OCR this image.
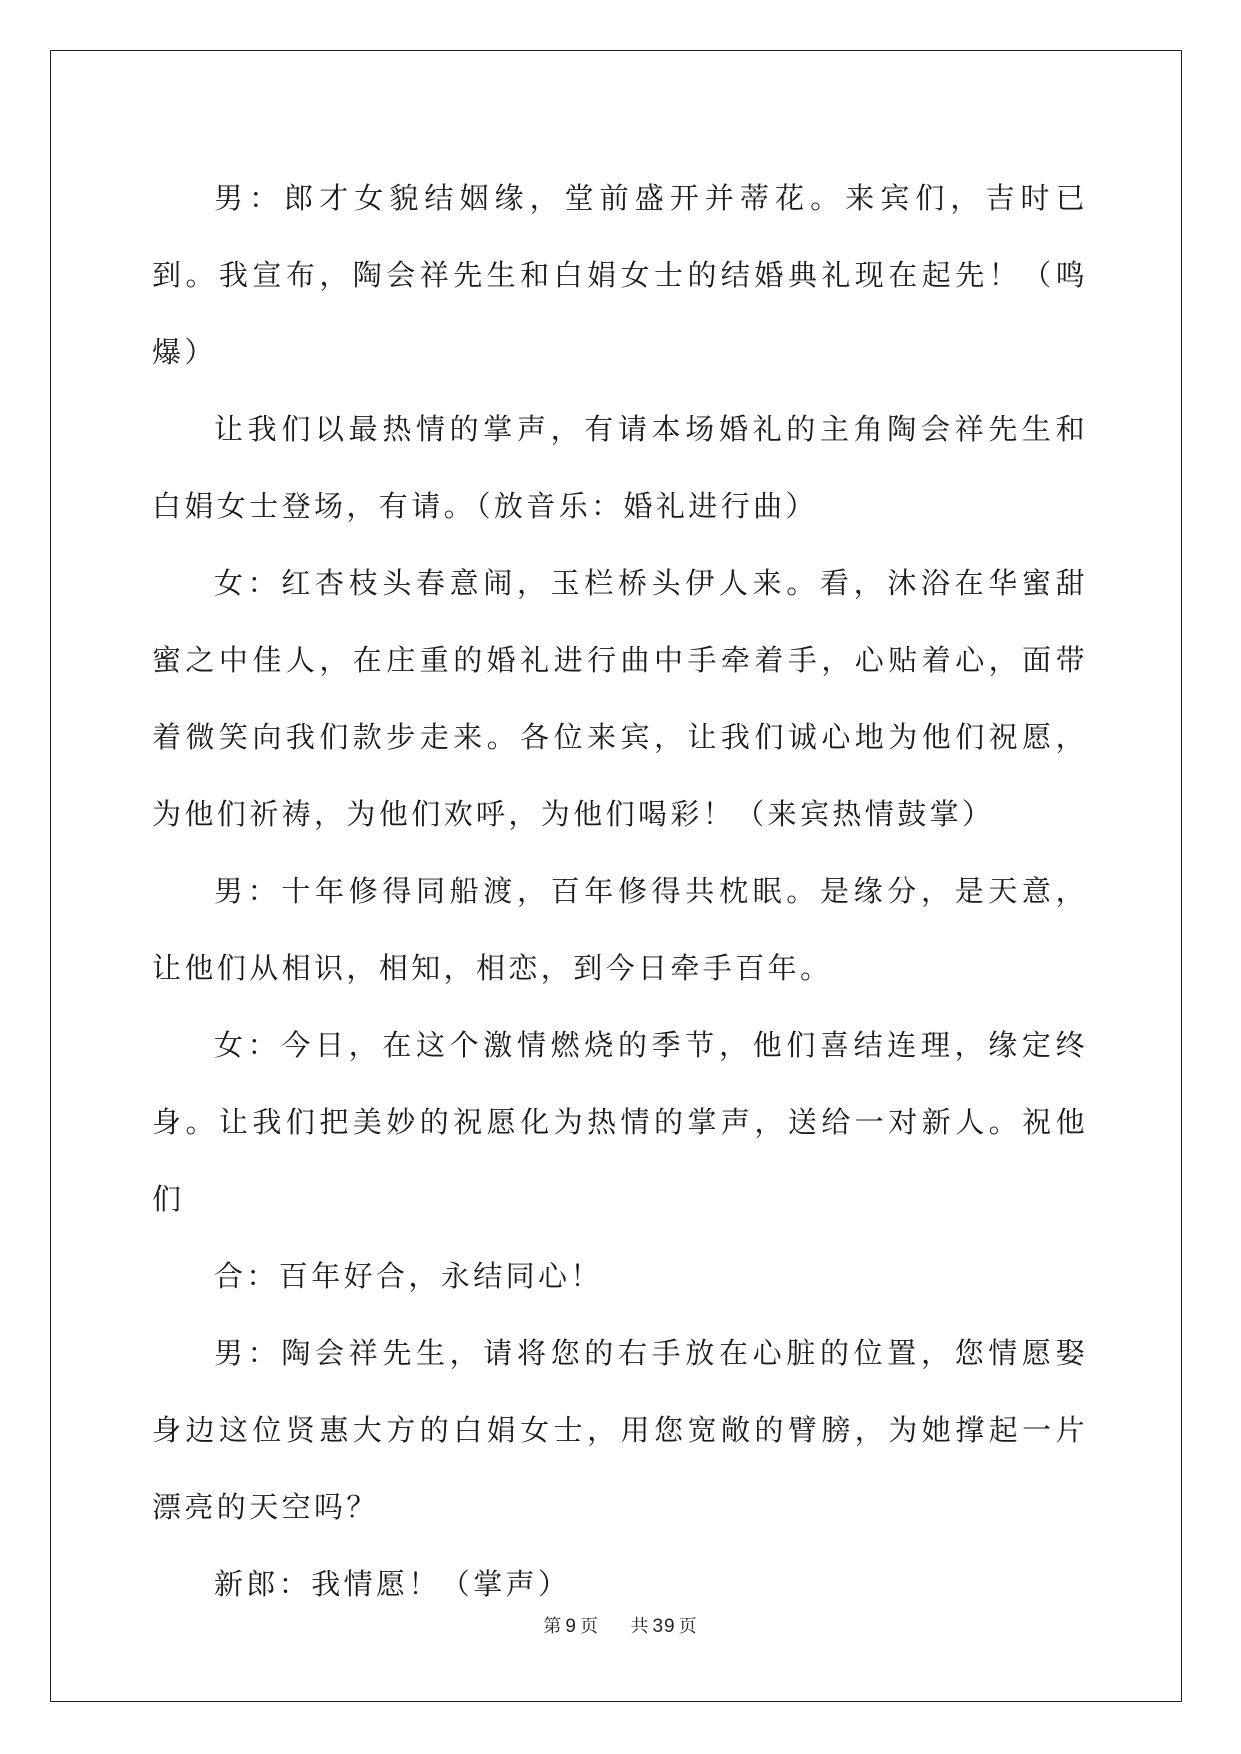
男：郎才女貌结姻缘，堂前盛开并蒂花。来宾们，吉时已到。我宣布，陶会祥先生和白娟女士的结婚典礼现在起先！（鸣爆）

让我们以最热情的掌声，有请本场婚礼的主角陶会祥先生和白娟女士登场，有请。（放音乐：婚礼进行曲）

女：红杏枝头春意闹，玉栏桥头伊人来。看，沐浴在华蜜甜蜜之中佳人，在庄重的婚礼进行曲中手牵着手，心贴着心，面带着微笑向我们款步走来。各位来宾，让我们诚心地为他们祝愿，为他们祈祷，为他们欢呼，为他们喝彩！（来宾热情鼓掌）

男：十年修得同船渡，百年修得共枕眠。是缘分，是天意，让他们从相识，相知，相恋，到今日牵手百年。

女：今日，在这个激情燃烧的季节，他们喜结连理，缘定终身。让我们把美妙的祝愿化为热情的掌声，送给一对新人。祝他们

合：百年好合，永结同心！

男：陶会祥先生，请将您的右手放在心脏的位置，您情愿娶身边这位贤惠大方的白娟女士，用您宽敞的臂膀，为她撑起一片漂亮的天空吗？

新郎：我情愿！（掌声）

第 9 页 共 39 页
